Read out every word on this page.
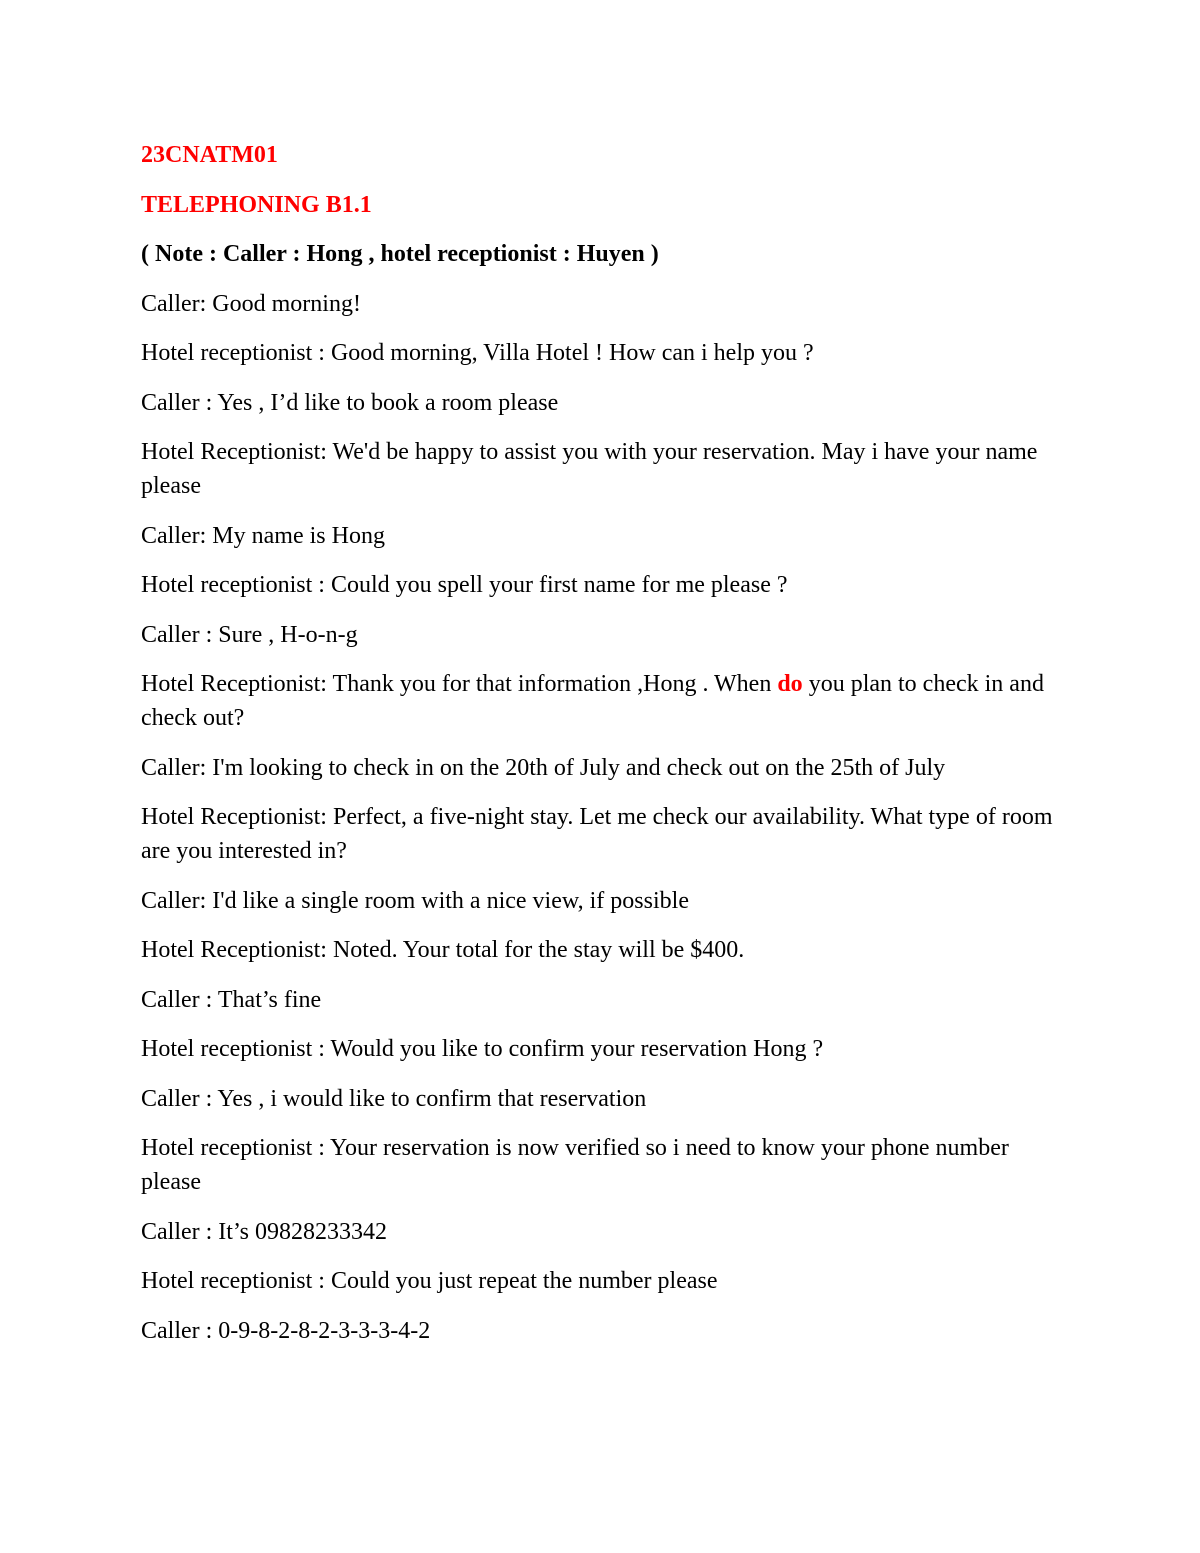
23CNATM01

TELEPHONING B1.1

( Note : Caller : Hong , hotel receptionist : Huyen )

Caller: Good morning!

Hotel receptionist : Good morning, Villa Hotel ! How can i help you ?

Caller : Yes , I’d like to book a room please

Hotel Receptionist: We'd be happy to assist you with your reservation. May i have your name please

Caller: My name is Hong

Hotel receptionist : Could you spell your first name for me please ?

Caller : Sure , H-o-n-g

Hotel Receptionist: Thank you for that information ,Hong . When do you plan to check in and check out?

Caller: I'm looking to check in on the 20th of July and check out on the 25th of July

Hotel Receptionist: Perfect, a five-night stay. Let me check our availability. What type of room are you interested in?

Caller: I'd like a single room with a nice view, if possible

Hotel Receptionist: Noted. Your total for the stay will be $400.

Caller : That’s fine

Hotel receptionist : Would you like to confirm your reservation Hong ?

Caller : Yes , i would like to confirm that reservation

Hotel receptionist : Your reservation is now verified so i need to know your phone number please

Caller : It’s 09828233342

Hotel receptionist : Could you just repeat the number please

Caller : 0-9-8-2-8-2-3-3-3-4-2
